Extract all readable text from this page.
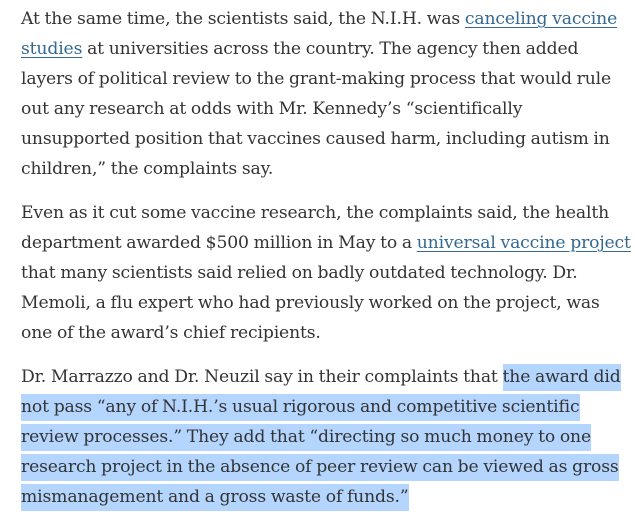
At the same time, the scientists said, the N.I.H. was canceling vaccine studies at universities across the country. The agency then added layers of political review to the grant-making process that would rule out any research at odds with Mr. Kennedy’s “scientifically unsupported position that vaccines caused harm, including autism in children,” the complaints say.

Even as it cut some vaccine research, the complaints said, the health department awarded $500 million in May to a universal vaccine project that many scientists said relied on badly outdated technology. Dr. Memoli, a flu expert who had previously worked on the project, was one of the award’s chief recipients.

Dr. Marrazzo and Dr. Neuzil say in their complaints that the award did not pass “any of N.I.H.’s usual rigorous and competitive scientific review processes.” They add that “directing so much money to one research project in the absence of peer review can be viewed as gross mismanagement and a gross waste of funds.”
